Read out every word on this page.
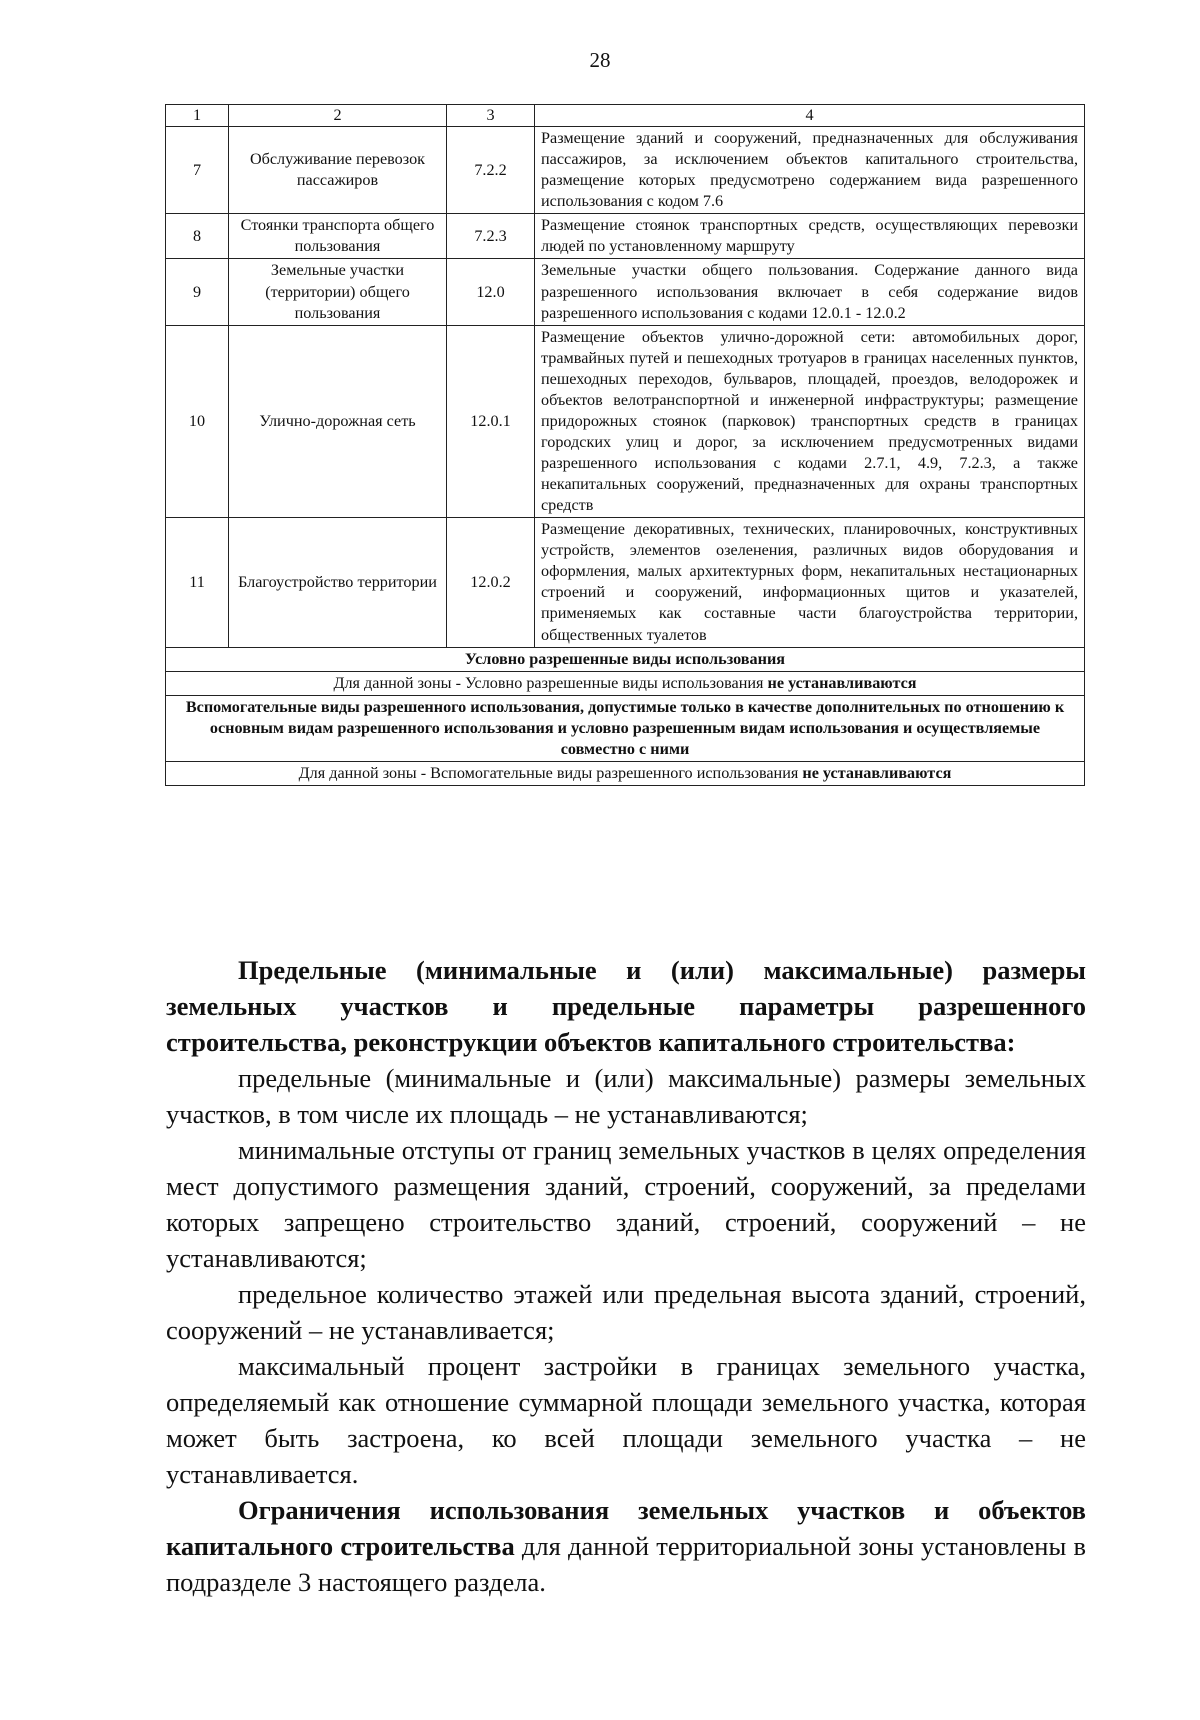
28
1	2	3	4
7	Обслуживание перевозок пассажиров	7.2.2	Размещение зданий и сооружений, предназначенных для обслуживания пассажиров, за исключением объектов капитального строительства, размещение которых предусмотрено содержанием вида разрешенного использования с кодом 7.6
8	Стоянки транспорта общего пользования	7.2.3	Размещение стоянок транспортных средств, осуществляющих перевозки людей по установленному маршруту
9	Земельные участки (территории) общего пользования	12.0	Земельные участки общего пользования. Содержание данного вида разрешенного использования включает в себя содержание видов разрешенного использования с кодами 12.0.1 - 12.0.2
10	Улично-дорожная сеть	12.0.1	Размещение объектов улично-дорожной сети: автомобильных дорог, трамвайных путей и пешеходных тротуаров в границах населенных пунктов, пешеходных переходов, бульваров, площадей, проездов, велодорожек и объектов велотранспортной и инженерной инфраструктуры; размещение придорожных стоянок (парковок) транспортных средств в границах городских улиц и дорог, за исключением предусмотренных видами разрешенного использования с кодами 2.7.1, 4.9, 7.2.3, а также некапитальных сооружений, предназначенных для охраны транспортных средств
11	Благоустройство территории	12.0.2	Размещение декоративных, технических, планировочных, конструктивных устройств, элементов озеленения, различных видов оборудования и оформления, малых архитектурных форм, некапитальных нестационарных строений и сооружений, информационных щитов и указателей, применяемых как составные части благоустройства территории, общественных туалетов
Условно разрешенные виды использования			
Для данной зоны - Условно разрешенные виды использования не устанавливаются			
Вспомогательные виды разрешенного использования, допустимые только в качестве дополнительных по отношению к основным видам разрешенного использования и условно разрешенным видам использования и осуществляемые совместно с ними			
Для данной зоны - Вспомогательные виды разрешенного использования не устанавливаются			

Предельные (минимальные и (или) максимальные) размеры земельных участков и предельные параметры разрешенного строительства, реконструкции объектов капитального строительства:

предельные (минимальные и (или) максимальные) размеры земельных участков, в том числе их площадь – не устанавливаются;

минимальные отступы от границ земельных участков в целях определения мест допустимого размещения зданий, строений, сооружений, за пределами которых запрещено строительство зданий, строений, сооружений – не устанавливаются;

предельное количество этажей или предельная высота зданий, строений, сооружений – не устанавливается;

максимальный процент застройки в границах земельного участка, определяемый как отношение суммарной площади земельного участка, которая может быть застроена, ко всей площади земельного участка – не устанавливается.

Ограничения использования земельных участков и объектов капитального строительства для данной территориальной зоны установлены в подразделе 3 настоящего раздела.
